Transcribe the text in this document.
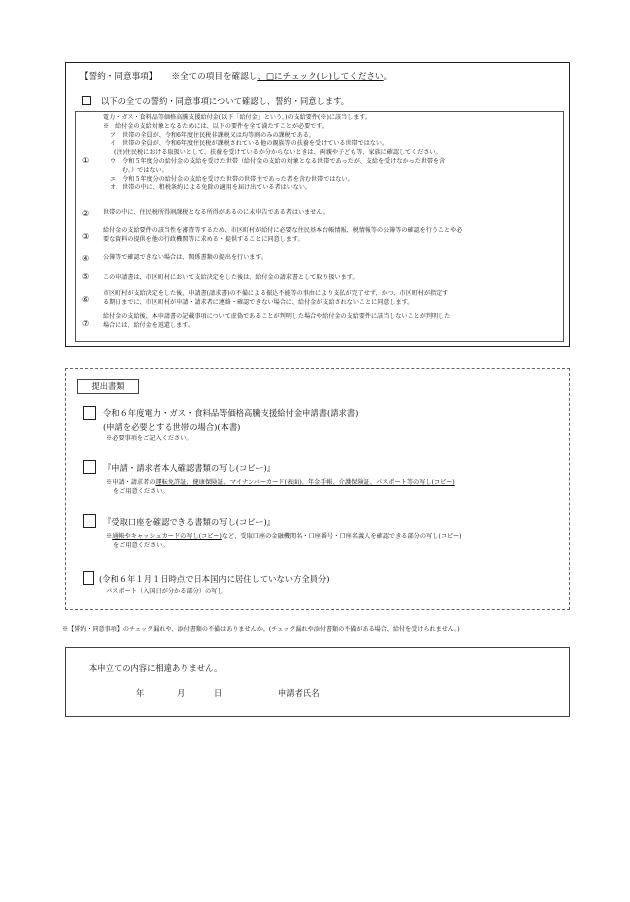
【誓約・同意事項】 ※全ての項目を確認し、□にチェック(レ)してください。
以下の全ての誓約・同意事項について確認し、誓約・同意します。
①
電力・ガス・食料品等価格高騰支援給付金(以下「給付金」という。)の支給要件(※)に該当します。
※　給付金の支給対象となるためには、以下の要件を全て満たすことが必要です。
ア　世帯の全員が、令和6年度住民税非課税又は均等割のみの課税である。
イ　世帯の全員が、令和6年度住民税が課税されている他の親族等の扶養を受けている世帯ではない。
(注)住民税における取扱いとして、扶養を受けているか分からないときは、両親や子ども等、家族に確認してください。
ウ　令和５年度分の給付金の支給を受けた世帯（給付金の支給の対象となる世帯であったが、支給を受けなかった世帯を含
む。）ではない。
エ　令和５年度分の給付金の支給を受けた世帯の世帯主であった者を含む世帯ではない。
オ　世帯の中に、租税条約による免除の適用を届け出ている者はいない。
② 世帯の中に、住民税所得割課税となる所得があるのに未申告である者はいません。
③
給付金の支給要件の該当性を審査等するため、市区町村が給付に必要な住民基本台帳情報、税情報等の公簿等の確認を行うことや必
要な資料の提供を他の行政機関等に求める・提供することに同意します。
④ 公簿等で確認できない場合は、関係書類の提出を行います。
⑤ この申請書は、市区町村において支給決定をした後は、給付金の請求書として取り扱います。
⑥
市区町村が支給決定をした後、申請書(請求書)の不備による振込不能等の事由により支払が完了せず、かつ、市区町村が指定す
る期日までに、市区町村が申請・請求者に連絡・確認できない場合に、給付金が支給されないことに同意します。
⑦
給付金の支給後、本申請書の記載事項について虚偽であることが判明した場合や給付金の支給要件に該当しないことが判明した
場合には、給付金を返還します。
提出書類
令和６年度電力・ガス・食料品等価格高騰支援給付金申請書(請求書)
(申請を必要とする世帯の場合)(本書)
※必要事項をご記入ください。
『申請・請求者本人確認書類の写し(コピー)』
※申請・請求者の運転免許証、健康保険証、マイナンバーカード(表面)、年金手帳、介護保険証、パスポート等の写し(コピー)
をご用意ください。
『受取口座を確認できる書類の写し(コピー)』
※通帳やキャッシュカードの写し(コピー)など、受取口座の金融機関名・口座番号・口座名義人を確認できる部分の写し(コピー)
をご用意ください。
(令和６年１月１日時点で日本国内に居住していない方全員分)
パスポート（入国日が分かる部分）の写し
※【誓約・同意事項】のチェック漏れや、添付書類の不備はありませんか。(チェック漏れや添付書類の不備がある場合、給付を受けられません。)
本申立ての内容に相違ありません。
年	月	日	申請者氏名
